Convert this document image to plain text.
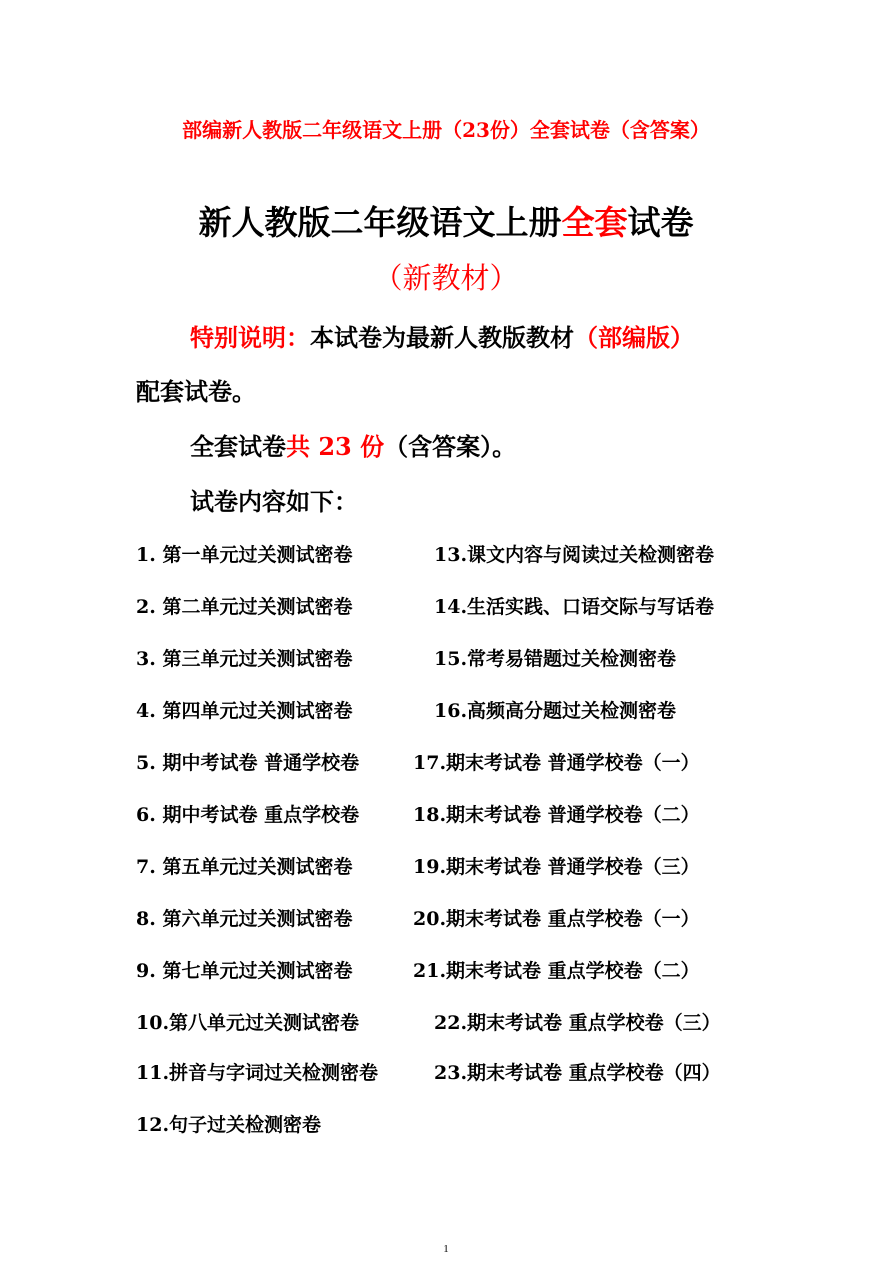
部编新人教版二年级语文上册（23份）全套试卷（含答案）
新人教版二年级语文上册全套试卷
（新教材）
特别说明：本试卷为最新人教版教材（部编版）
配套试卷。
全套试卷共 23 份（含答案）。
试卷内容如下：
1. 第一单元过关测试密卷
2. 第二单元过关测试密卷
3. 第三单元过关测试密卷
4. 第四单元过关测试密卷
5. 期中考试卷 普通学校卷
6. 期中考试卷 重点学校卷
7. 第五单元过关测试密卷
8. 第六单元过关测试密卷
9. 第七单元过关测试密卷
10.第八单元过关测试密卷
11.拼音与字词过关检测密卷
12.句子过关检测密卷
13.课文内容与阅读过关检测密卷
14.生活实践、口语交际与写话卷
15.常考易错题过关检测密卷
16.高频高分题过关检测密卷
17.期末考试卷 普通学校卷（一）
18.期末考试卷 普通学校卷（二）
19.期末考试卷 普通学校卷（三）
20.期末考试卷 重点学校卷（一）
21.期末考试卷 重点学校卷（二）
22.期末考试卷 重点学校卷（三）
23.期末考试卷 重点学校卷（四）
1
